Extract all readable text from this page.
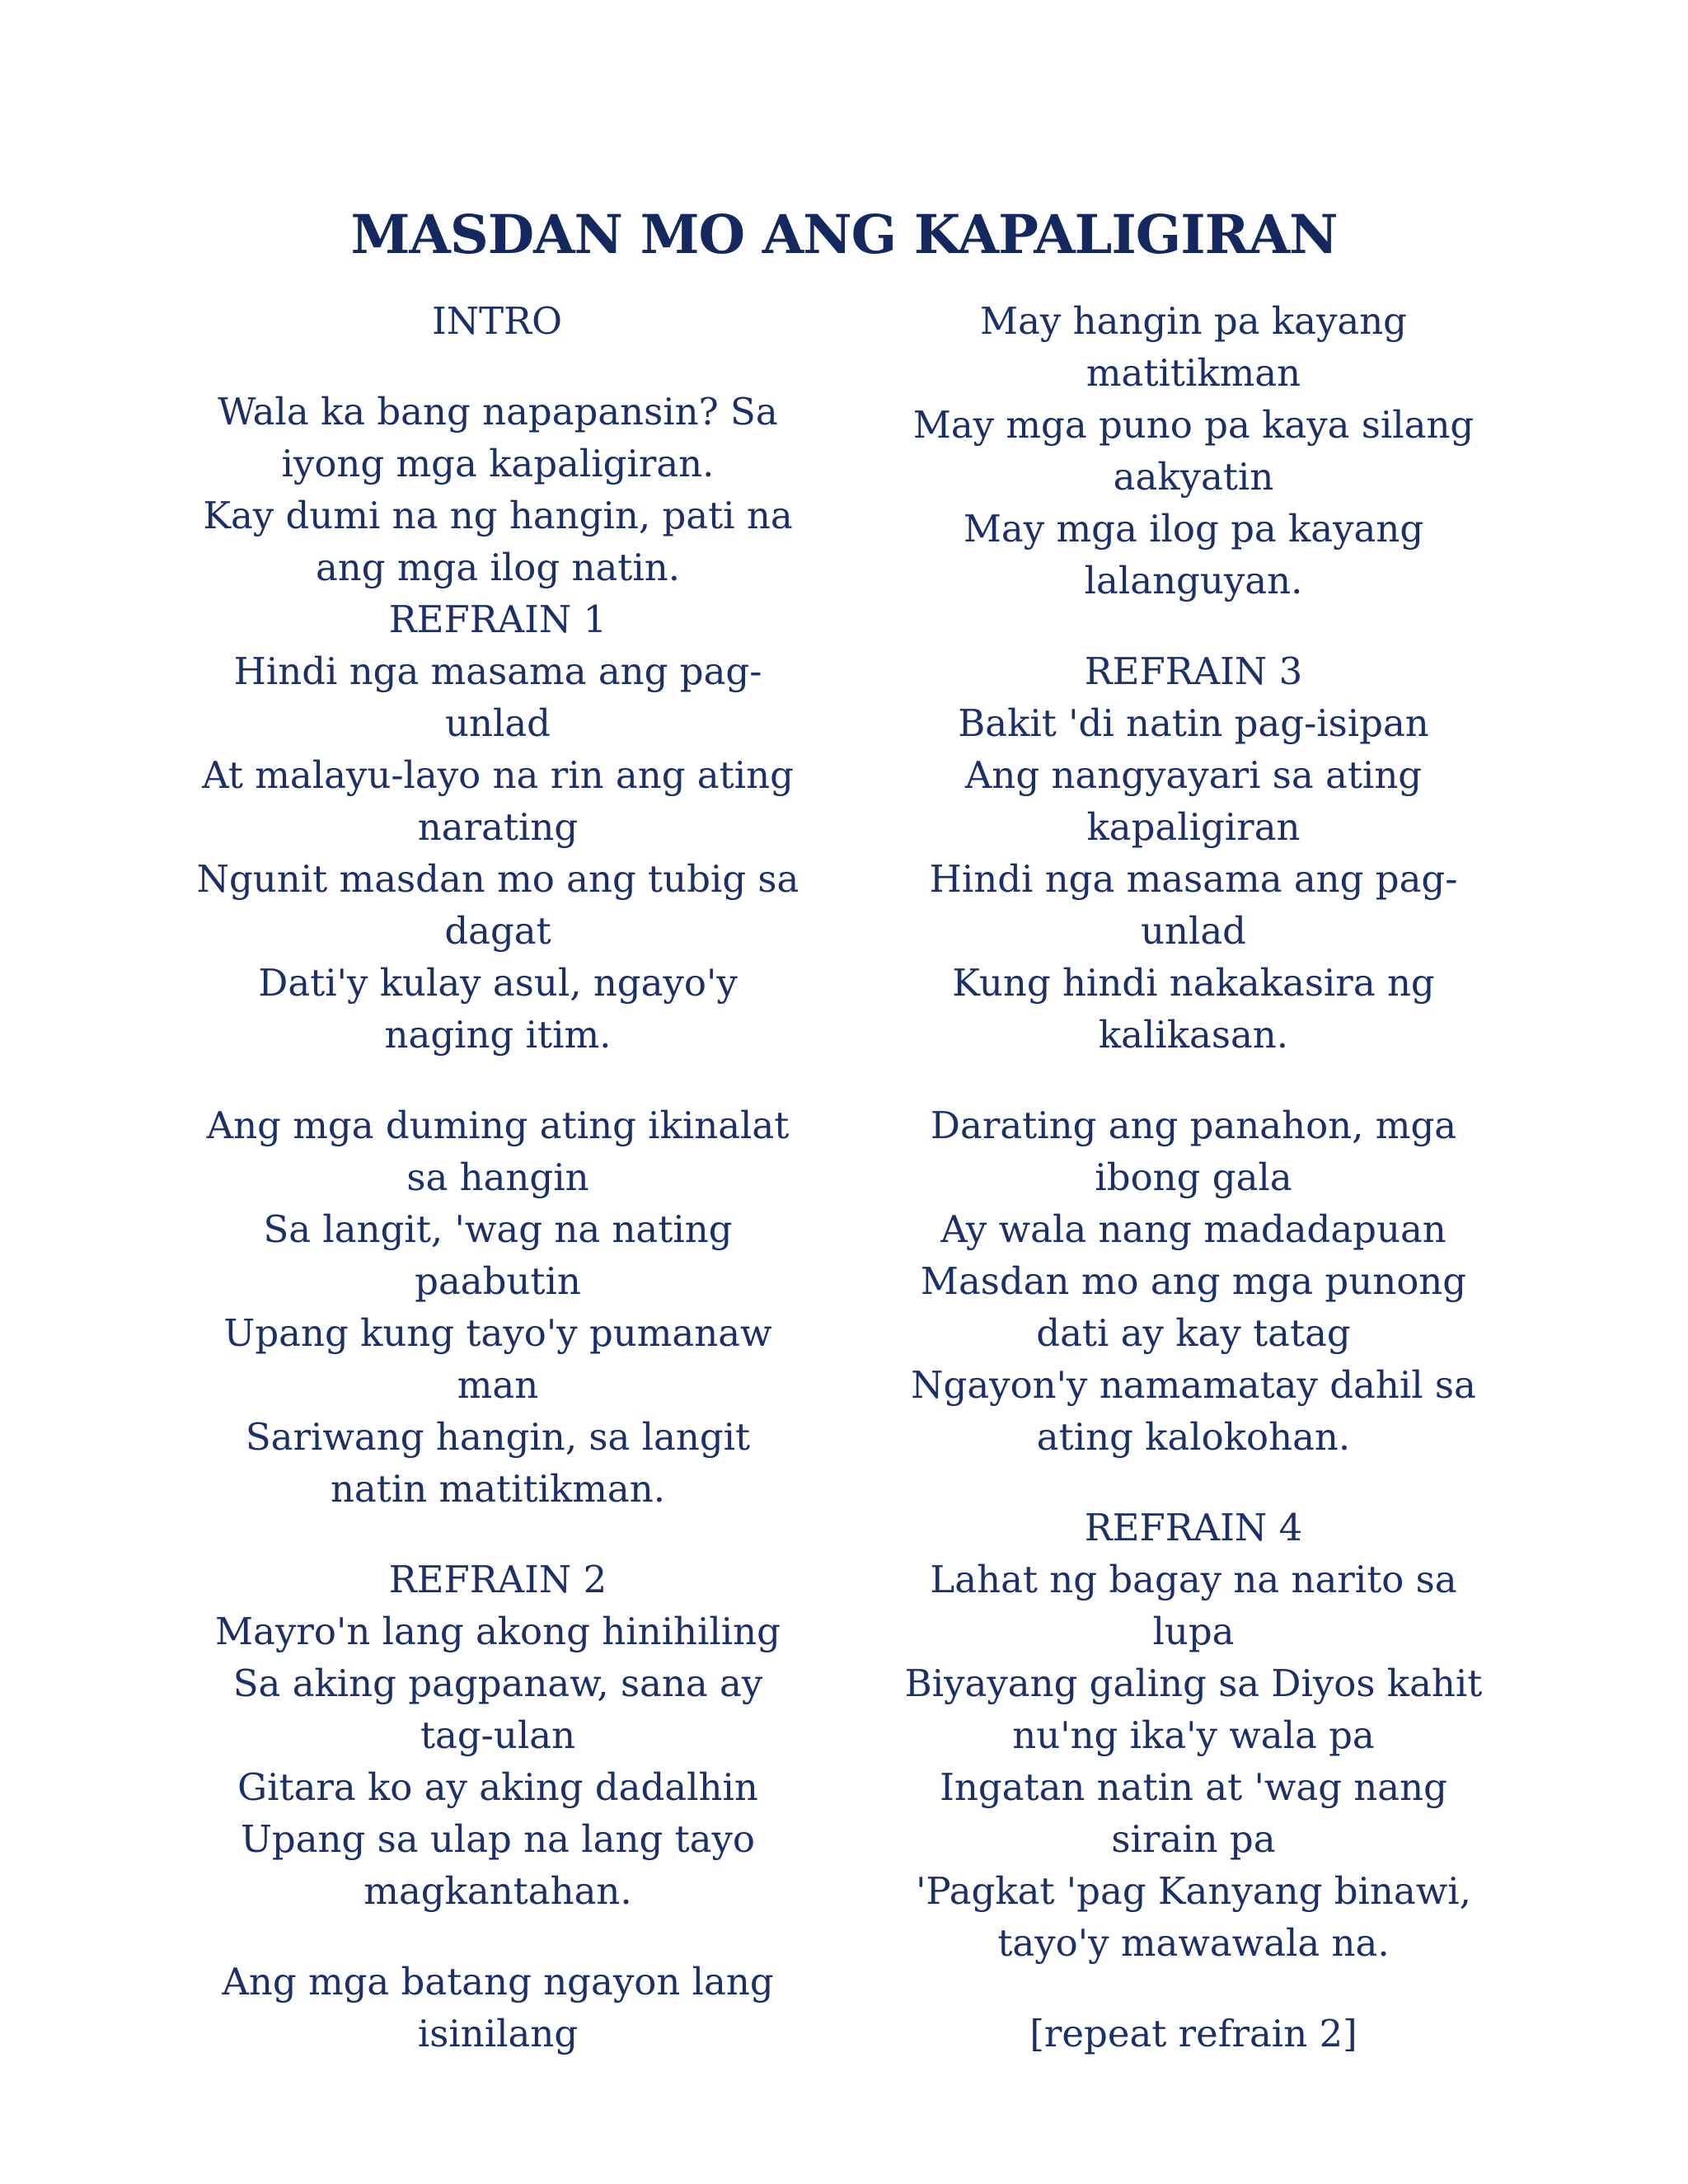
MASDAN MO ANG KAPALIGIRAN

INTRO

Wala ka bang napapansin? Sa
iyong mga kapaligiran.
Kay dumi na ng hangin, pati na
ang mga ilog natin.

REFRAIN 1
Hindi nga masama ang pag-
unlad
At malayu-layo na rin ang ating
narating
Ngunit masdan mo ang tubig sa
dagat
Dati'y kulay asul, ngayo'y
naging itim.

Ang mga duming ating ikinalat
sa hangin
Sa langit, 'wag na nating
paabutin
Upang kung tayo'y pumanaw
man
Sariwang hangin, sa langit
natin matitikman.

REFRAIN 2
Mayro'n lang akong hinihiling
Sa aking pagpanaw, sana ay
tag-ulan
Gitara ko ay aking dadalhin
Upang sa ulap na lang tayo
magkantahan.

Ang mga batang ngayon lang
isinilang

May hangin pa kayang
matitikman
May mga puno pa kaya silang
aakyatin
May mga ilog pa kayang
lalanguyan.

REFRAIN 3
Bakit 'di natin pag-isipan
Ang nangyayari sa ating
kapaligiran
Hindi nga masama ang pag-
unlad
Kung hindi nakakasira ng
kalikasan.

Darating ang panahon, mga
ibong gala
Ay wala nang madadapuan
Masdan mo ang mga punong
dati ay kay tatag
Ngayon'y namamatay dahil sa
ating kalokohan.

REFRAIN 4
Lahat ng bagay na narito sa
lupa
Biyayang galing sa Diyos kahit
nu'ng ika'y wala pa
Ingatan natin at 'wag nang
sirain pa
'Pagkat 'pag Kanyang binawi,
tayo'y mawawala na.

[repeat refrain 2]
